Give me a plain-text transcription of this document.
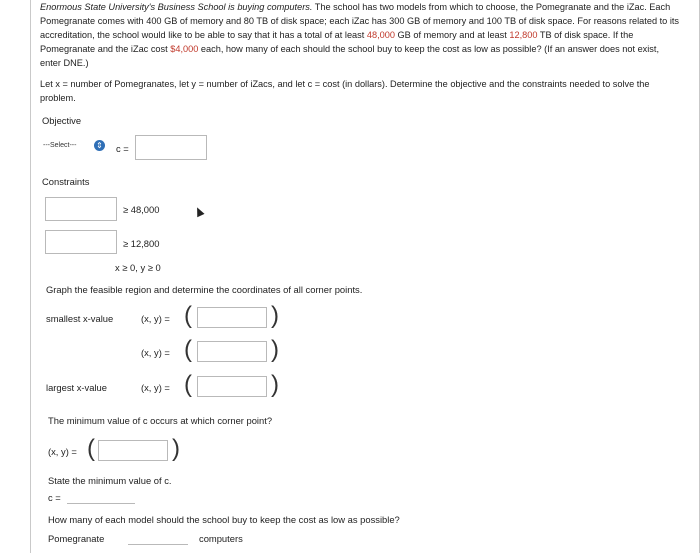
Enormous State University's Business School is buying computers. The school has two models from which to choose, the Pomegranate and the iZac. Each Pomegranate comes with 400 GB of memory and 80 TB of disk space; each iZac has 300 GB of memory and 100 TB of disk space. For reasons related to its accreditation, the school would like to be able to say that it has a total of at least 48,000 GB of memory and at least 12,800 TB of disk space. If the Pomegranate and the iZac cost $4,000 each, how many of each should the school buy to keep the cost as low as possible? (If an answer does not exist, enter DNE.)

Let x = number of Pomegranates, let y = number of iZacs, and let c = cost (in dollars). Determine the objective and the constraints needed to solve the problem.

Objective
---Select--- ⇕ c =
Constraints
≥ 48,000
≥ 12,800
x ≥ 0, y ≥ 0
Graph the feasible region and determine the coordinates of all corner points.
smallest x-value	(x, y) = (	)
(x, y) = (	)
largest x-value	(x, y) = (	)
The minimum value of c occurs at which corner point?
(x, y) = (	)
State the minimum value of c.
c =
How many of each model should the school buy to keep the cost as low as possible?
Pomegranate	computers
